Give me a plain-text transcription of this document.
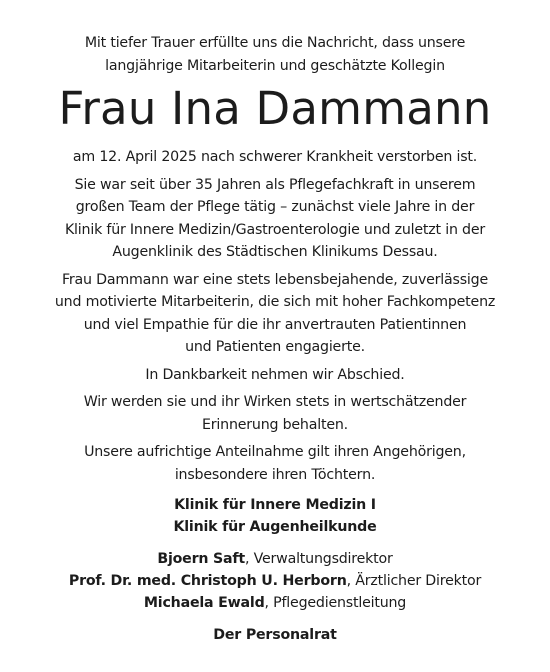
Mit tiefer Trauer erfüllte uns die Nachricht, dass unsere
langjährige Mitarbeiterin und geschätzte Kollegin

Frau Ina Dammann

am 12. April 2025 nach schwerer Krankheit verstorben ist.

Sie war seit über 35 Jahren als Pflegefachkraft in unserem
großen Team der Pflege tätig – zunächst viele Jahre in der
Klinik für Innere Medizin/Gastroenterologie und zuletzt in der
Augenklinik des Städtischen Klinikums Dessau.

Frau Dammann war eine stets lebensbejahende, zuverlässige
und motivierte Mitarbeiterin, die sich mit hoher Fachkompetenz
und viel Empathie für die ihr anvertrauten Patientinnen
und Patienten engagierte.

In Dankbarkeit nehmen wir Abschied.

Wir werden sie und ihr Wirken stets in wertschätzender
Erinnerung behalten.

Unsere aufrichtige Anteilnahme gilt ihren Angehörigen,
insbesondere ihren Töchtern.

Klinik für Innere Medizin I
Klinik für Augenheilkunde

Bjoern Saft, Verwaltungsdirektor
Prof. Dr. med. Christoph U. Herborn, Ärztlicher Direktor
Michaela Ewald, Pflegedienstleitung

Der Personalrat
